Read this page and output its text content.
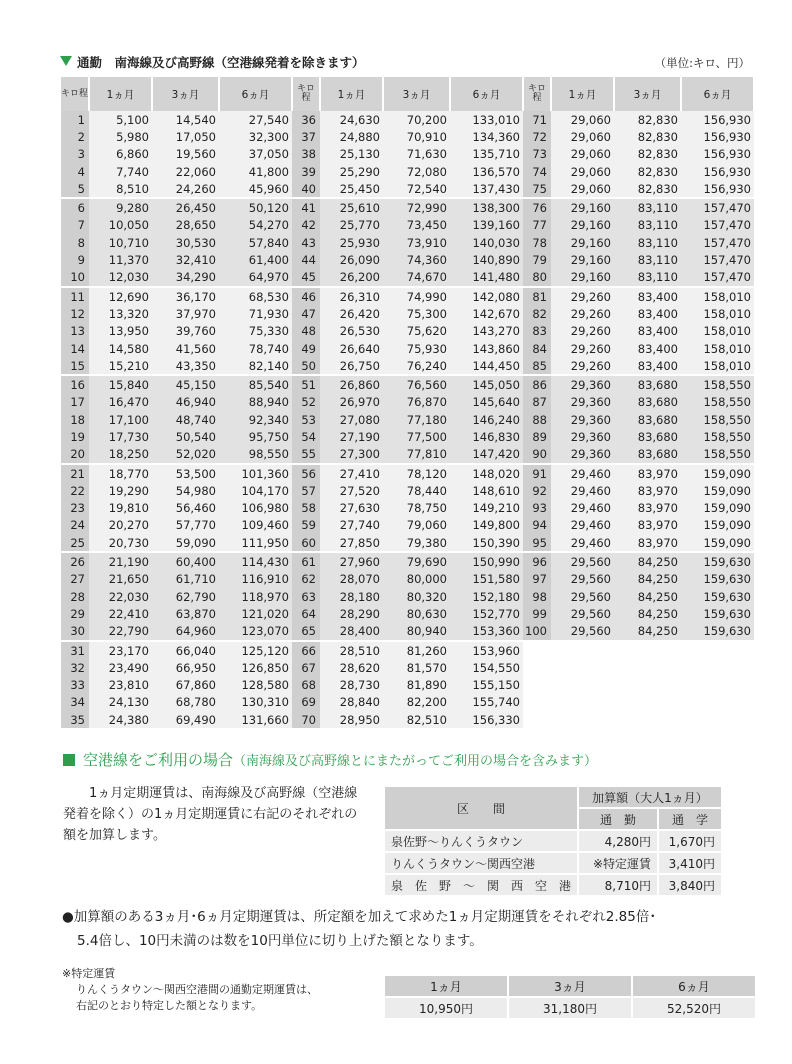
通勤　南海線及び高野線（空港線発着を除きます）	（単位:キロ、円）
キロ程	1ヵ月	3ヵ月	6ヵ月	キロ程	1ヵ月	3ヵ月	6ヵ月	キロ程	1ヵ月	3ヵ月	6ヵ月
1	5,100	14,540	27,540	36	24,630	70,200	133,010	71	29,060	82,830	156,930
2	5,980	17,050	32,300	37	24,880	70,910	134,360	72	29,060	82,830	156,930
3	6,860	19,560	37,050	38	25,130	71,630	135,710	73	29,060	82,830	156,930
4	7,740	22,060	41,800	39	25,290	72,080	136,570	74	29,060	82,830	156,930
5	8,510	24,260	45,960	40	25,450	72,540	137,430	75	29,060	82,830	156,930
6	9,280	26,450	50,120	41	25,610	72,990	138,300	76	29,160	83,110	157,470
7	10,050	28,650	54,270	42	25,770	73,450	139,160	77	29,160	83,110	157,470
8	10,710	30,530	57,840	43	25,930	73,910	140,030	78	29,160	83,110	157,470
9	11,370	32,410	61,400	44	26,090	74,360	140,890	79	29,160	83,110	157,470
10	12,030	34,290	64,970	45	26,200	74,670	141,480	80	29,160	83,110	157,470
11	12,690	36,170	68,530	46	26,310	74,990	142,080	81	29,260	83,400	158,010
12	13,320	37,970	71,930	47	26,420	75,300	142,670	82	29,260	83,400	158,010
13	13,950	39,760	75,330	48	26,530	75,620	143,270	83	29,260	83,400	158,010
14	14,580	41,560	78,740	49	26,640	75,930	143,860	84	29,260	83,400	158,010
15	15,210	43,350	82,140	50	26,750	76,240	144,450	85	29,260	83,400	158,010
16	15,840	45,150	85,540	51	26,860	76,560	145,050	86	29,360	83,680	158,550
17	16,470	46,940	88,940	52	26,970	76,870	145,640	87	29,360	83,680	158,550
18	17,100	48,740	92,340	53	27,080	77,180	146,240	88	29,360	83,680	158,550
19	17,730	50,540	95,750	54	27,190	77,500	146,830	89	29,360	83,680	158,550
20	18,250	52,020	98,550	55	27,300	77,810	147,420	90	29,360	83,680	158,550
21	18,770	53,500	101,360	56	27,410	78,120	148,020	91	29,460	83,970	159,090
22	19,290	54,980	104,170	57	27,520	78,440	148,610	92	29,460	83,970	159,090
23	19,810	56,460	106,980	58	27,630	78,750	149,210	93	29,460	83,970	159,090
24	20,270	57,770	109,460	59	27,740	79,060	149,800	94	29,460	83,970	159,090
25	20,730	59,090	111,950	60	27,850	79,380	150,390	95	29,460	83,970	159,090
26	21,190	60,400	114,430	61	27,960	79,690	150,990	96	29,560	84,250	159,630
27	21,650	61,710	116,910	62	28,070	80,000	151,580	97	29,560	84,250	159,630
28	22,030	62,790	118,970	63	28,180	80,320	152,180	98	29,560	84,250	159,630
29	22,410	63,870	121,020	64	28,290	80,630	152,770	99	29,560	84,250	159,630
30	22,790	64,960	123,070	65	28,400	80,940	153,360	100	29,560	84,250	159,630
31	23,170	66,040	125,120	66	28,510	81,260	153,960				
32	23,490	66,950	126,850	67	28,620	81,570	154,550				
33	23,810	67,860	128,580	68	28,730	81,890	155,150				
34	24,130	68,780	130,310	69	28,840	82,200	155,740				
35	24,380	69,490	131,660	70	28,950	82,510	156,330				
空港線をご利用の場合（南海線及び高野線とにまたがってご利用の場合を含みます）
1ヵ月定期運賃は、南海線及び高野線（空港線発着を除く）の1ヵ月定期運賃に右記のそれぞれの額を加算します。
区　　間	加算額（大人1ヵ月）	
	通　勤	通　学
泉佐野～りんくうタウン	4,280円	1,670円
りんくうタウン～関西空港	※特定運賃	3,410円
泉　佐　野　～　関　西　空　港	8,710円	3,840円
●加算額のある3ヵ月･6ヵ月定期運賃は、所定額を加えて求めた1ヵ月定期運賃をそれぞれ2.85倍･
5.4倍し、10円未満のは数を10円単位に切り上げた額となります。
※特定運賃
りんくうタウン～関西空港間の通勤定期運賃は、
右記のとおり特定した額となります。
1ヵ月	3ヵ月	6ヵ月
10,950円	31,180円	52,520円
